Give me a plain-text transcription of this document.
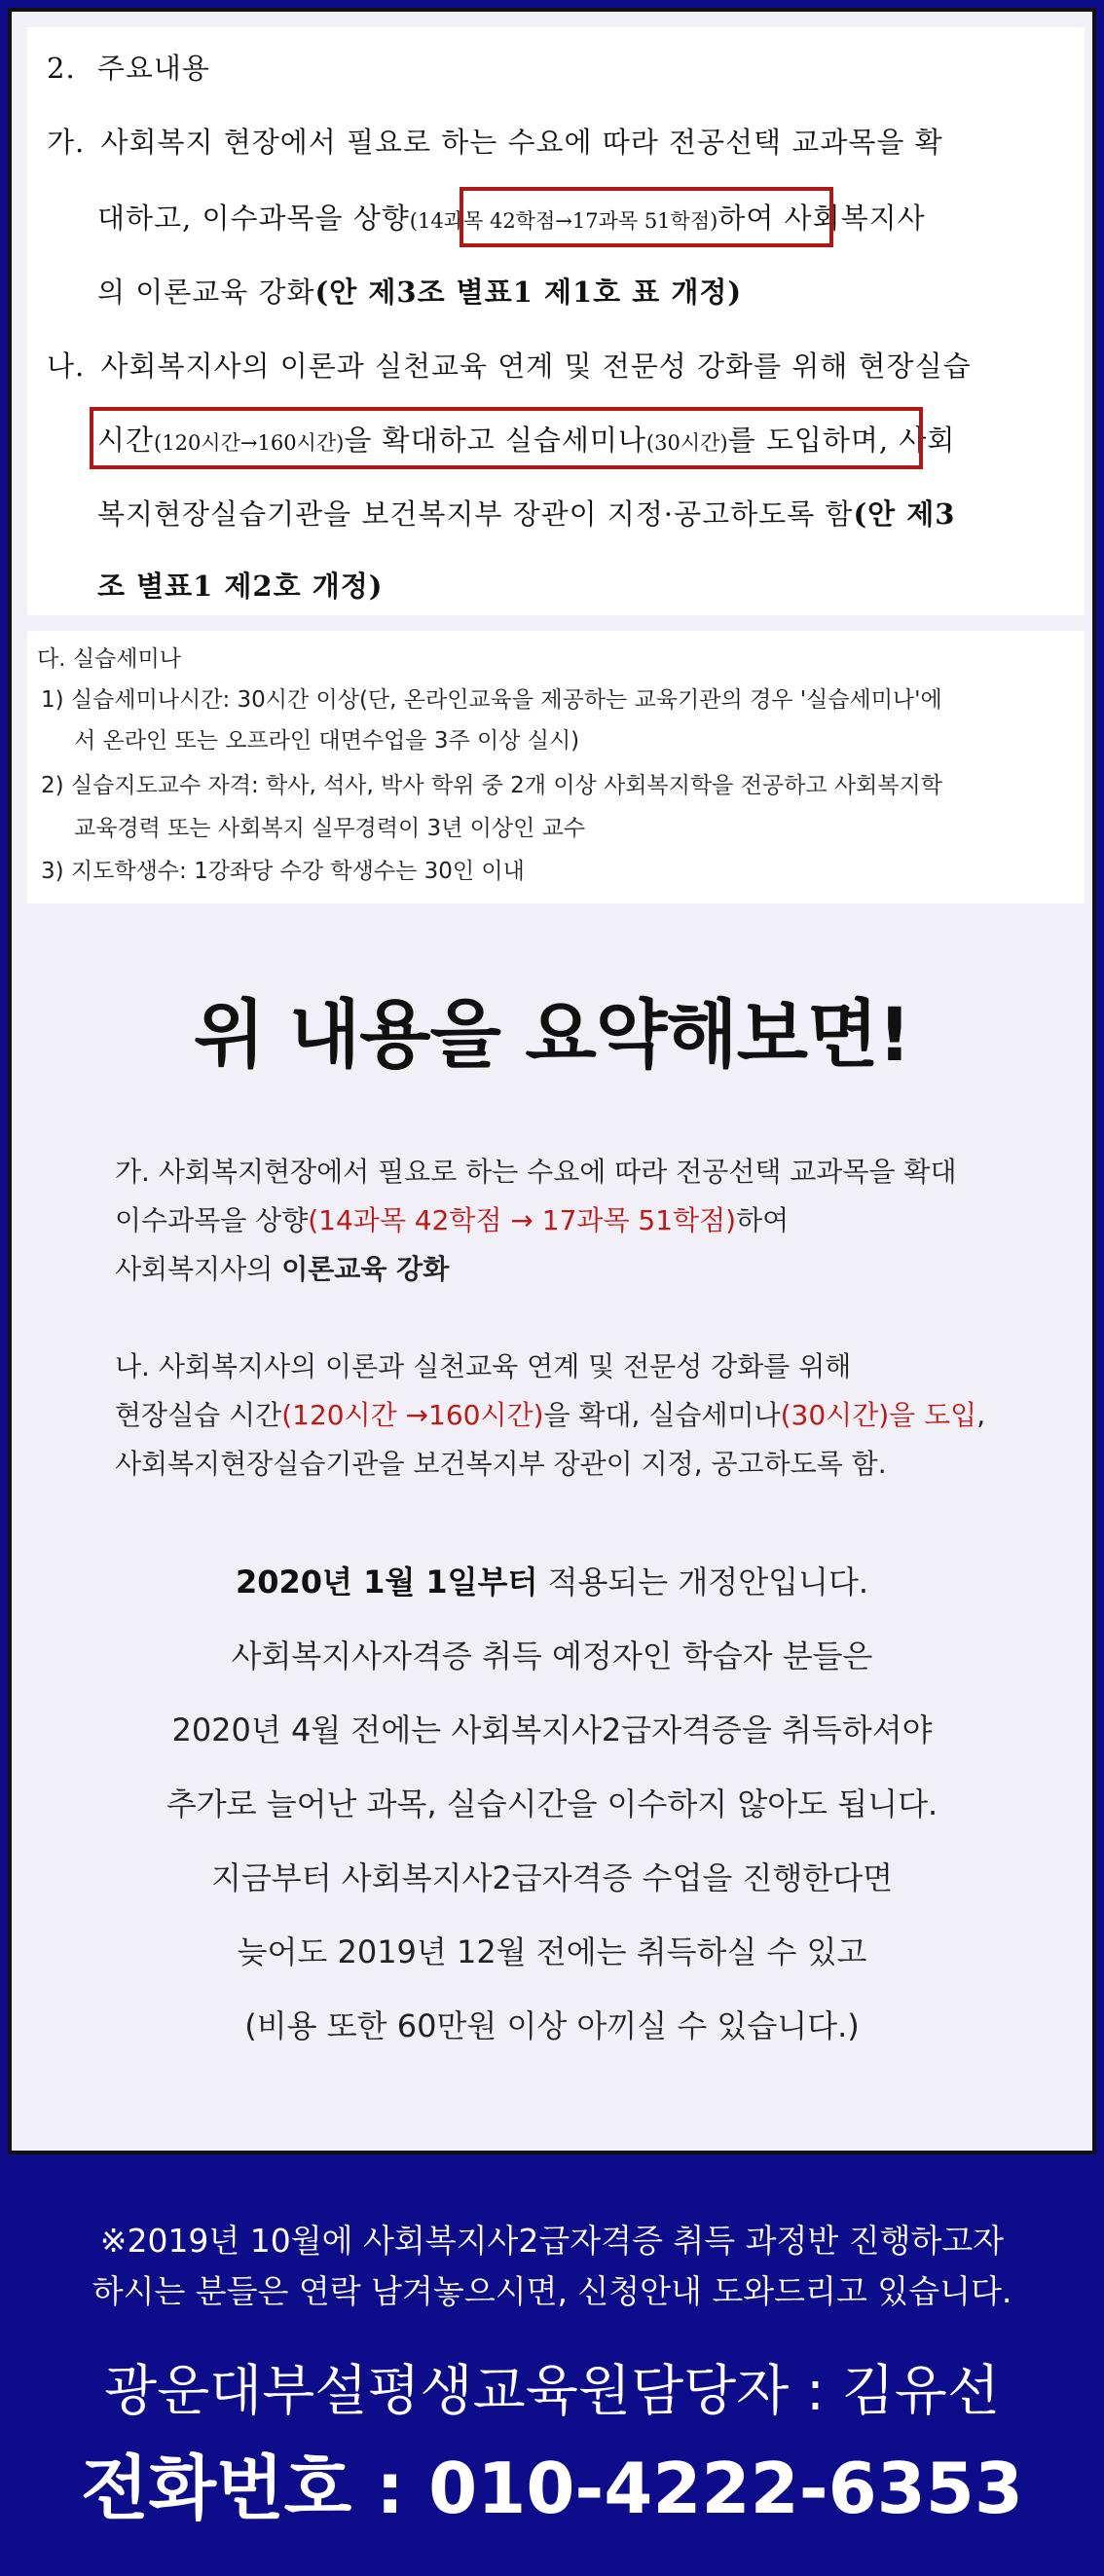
2. 주요내용
가. 사회복지 현장에서 필요로 하는 수요에 따라 전공선택 교과목을 확
대하고, 이수과목을 상향(14과목 42학점→17과목 51학점)하여 사회복지사
의 이론교육 강화(안 제3조 별표1 제1호 표 개정)
나. 사회복지사의 이론과 실천교육 연계 및 전문성 강화를 위해 현장실습
시간(120시간→160시간)을 확대하고 실습세미나(30시간)를 도입하며, 사회
복지현장실습기관을 보건복지부 장관이 지정·공고하도록 함(안 제3
조 별표1 제2호 개정)
다. 실습세미나
1) 실습세미나시간: 30시간 이상(단, 온라인교육을 제공하는 교육기관의 경우 '실습세미나'에
서 온라인 또는 오프라인 대면수업을 3주 이상 실시)
2) 실습지도교수 자격: 학사, 석사, 박사 학위 중 2개 이상 사회복지학을 전공하고 사회복지학
교육경력 또는 사회복지 실무경력이 3년 이상인 교수
3) 지도학생수: 1강좌당 수강 학생수는 30인 이내
위 내용을 요약해보면!
가. 사회복지현장에서 필요로 하는 수요에 따라 전공선택 교과목을 확대
이수과목을 상향(14과목 42학점 → 17과목 51학점)하여
사회복지사의 이론교육 강화
나. 사회복지사의 이론과 실천교육 연계 및 전문성 강화를 위해
현장실습 시간(120시간 →160시간)을 확대, 실습세미나(30시간)을 도입,
사회복지현장실습기관을 보건복지부 장관이 지정, 공고하도록 함.
2020년 1월 1일부터 적용되는 개정안입니다.
사회복지사자격증 취득 예정자인 학습자 분들은
2020년 4월 전에는 사회복지사2급자격증을 취득하셔야
추가로 늘어난 과목, 실습시간을 이수하지 않아도 됩니다.
지금부터 사회복지사2급자격증 수업을 진행한다면
늦어도 2019년 12월 전에는 취득하실 수 있고
(비용 또한 60만원 이상 아끼실 수 있습니다.)
※2019년 10월에 사회복지사2급자격증 취득 과정반 진행하고자
하시는 분들은 연락 남겨놓으시면, 신청안내 도와드리고 있습니다.
광운대부설평생교육원담당자 : 김유선
전화번호 : 010-4222-6353
